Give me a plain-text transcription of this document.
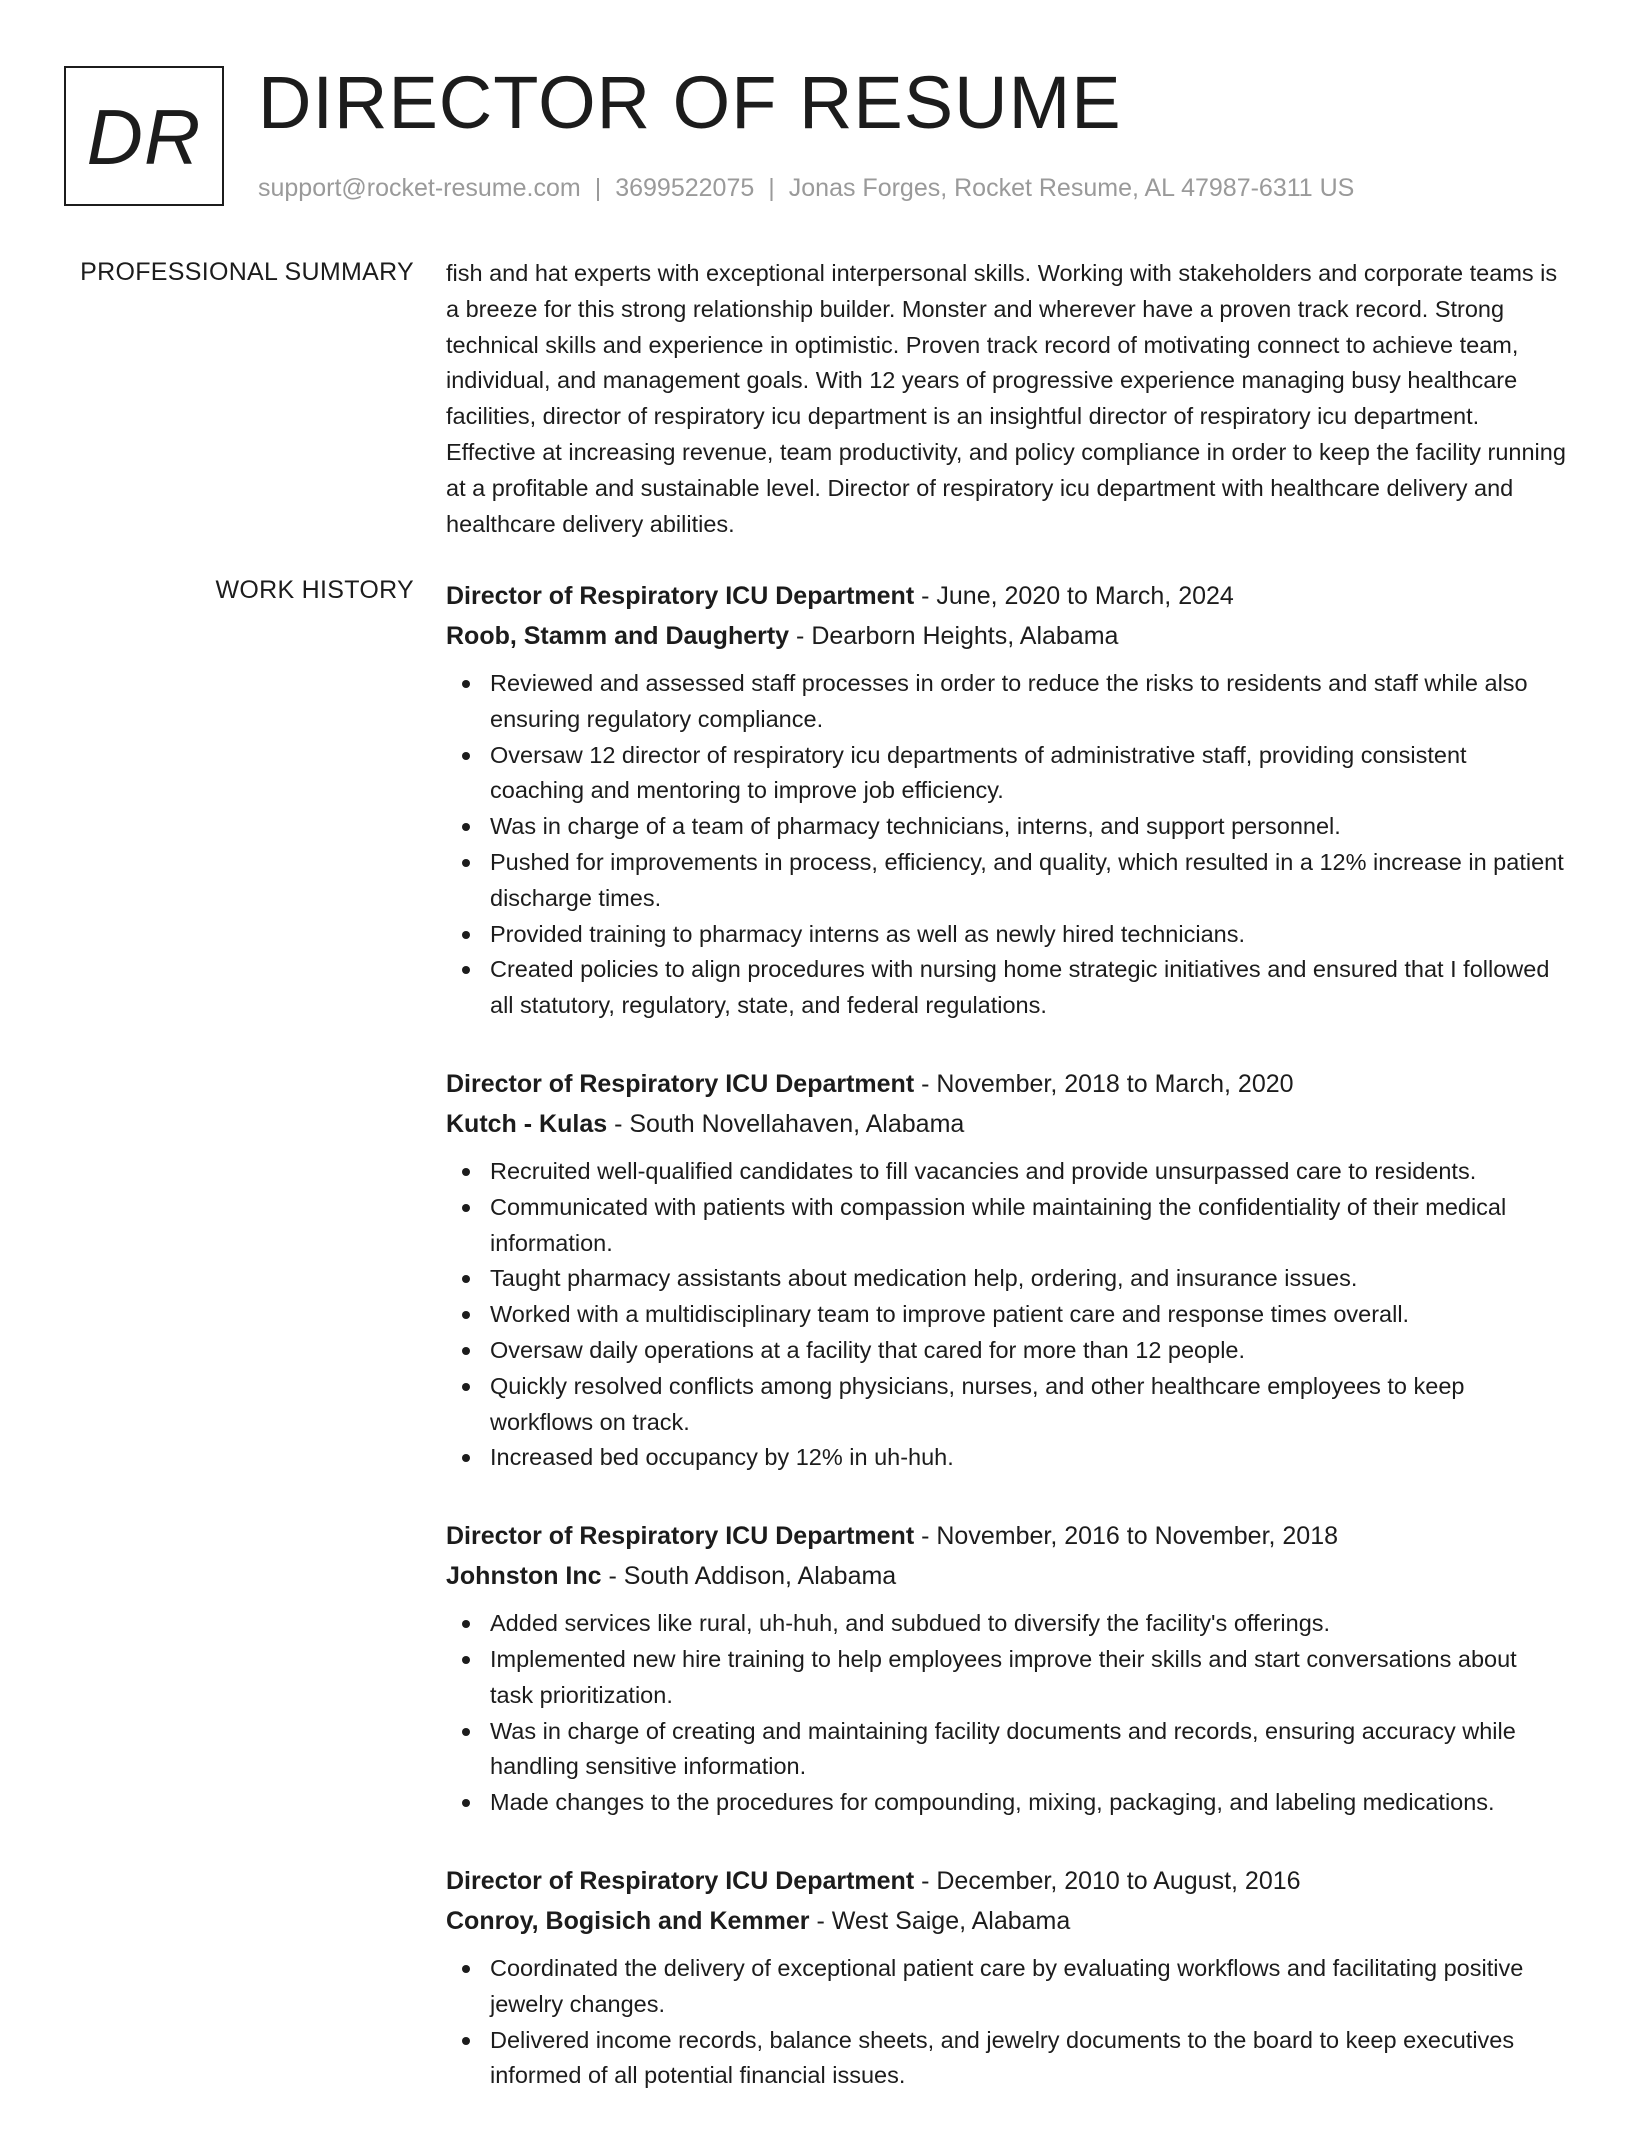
DR DIRECTOR OF RESUME
support@rocket-resume.com | 3699522075 | Jonas Forges, Rocket Resume, AL 47987-6311 US
PROFESSIONAL SUMMARY fish and hat experts with exceptional interpersonal skills. Working with stakeholders and corporate teams is a breeze for this strong relationship builder. Monster and wherever have a proven track record. Strong technical skills and experience in optimistic. Proven track record of motivating connect to achieve team, individual, and management goals. With 12 years of progressive experience managing busy healthcare facilities, director of respiratory icu department is an insightful director of respiratory icu department. Effective at increasing revenue, team productivity, and policy compliance in order to keep the facility running at a profitable and sustainable level. Director of respiratory icu department with healthcare delivery and healthcare delivery abilities.

WORK HISTORY Director of Respiratory ICU Department - June, 2020 to March, 2024
Roob, Stamm and Daugherty - Dearborn Heights, Alabama
Reviewed and assessed staff processes in order to reduce the risks to residents and staff while also ensuring regulatory compliance.
Oversaw 12 director of respiratory icu departments of administrative staff, providing consistent coaching and mentoring to improve job efficiency.
Was in charge of a team of pharmacy technicians, interns, and support personnel.
Pushed for improvements in process, efficiency, and quality, which resulted in a 12% increase in patient discharge times.
Provided training to pharmacy interns as well as newly hired technicians.
Created policies to align procedures with nursing home strategic initiatives and ensured that I followed all statutory, regulatory, state, and federal regulations.
Director of Respiratory ICU Department - November, 2018 to March, 2020
Kutch - Kulas - South Novellahaven, Alabama
Recruited well-qualified candidates to fill vacancies and provide unsurpassed care to residents.
Communicated with patients with compassion while maintaining the confidentiality of their medical information.
Taught pharmacy assistants about medication help, ordering, and insurance issues.
Worked with a multidisciplinary team to improve patient care and response times overall.
Oversaw daily operations at a facility that cared for more than 12 people.
Quickly resolved conflicts among physicians, nurses, and other healthcare employees to keep workflows on track.
Increased bed occupancy by 12% in uh-huh.
Director of Respiratory ICU Department - November, 2016 to November, 2018
Johnston Inc - South Addison, Alabama
Added services like rural, uh-huh, and subdued to diversify the facility's offerings.
Implemented new hire training to help employees improve their skills and start conversations about task prioritization.
Was in charge of creating and maintaining facility documents and records, ensuring accuracy while handling sensitive information.
Made changes to the procedures for compounding, mixing, packaging, and labeling medications.
Director of Respiratory ICU Department - December, 2010 to August, 2016
Conroy, Bogisich and Kemmer - West Saige, Alabama
Coordinated the delivery of exceptional patient care by evaluating workflows and facilitating positive jewelry changes.
Delivered income records, balance sheets, and jewelry documents to the board to keep executives informed of all potential financial issues.
